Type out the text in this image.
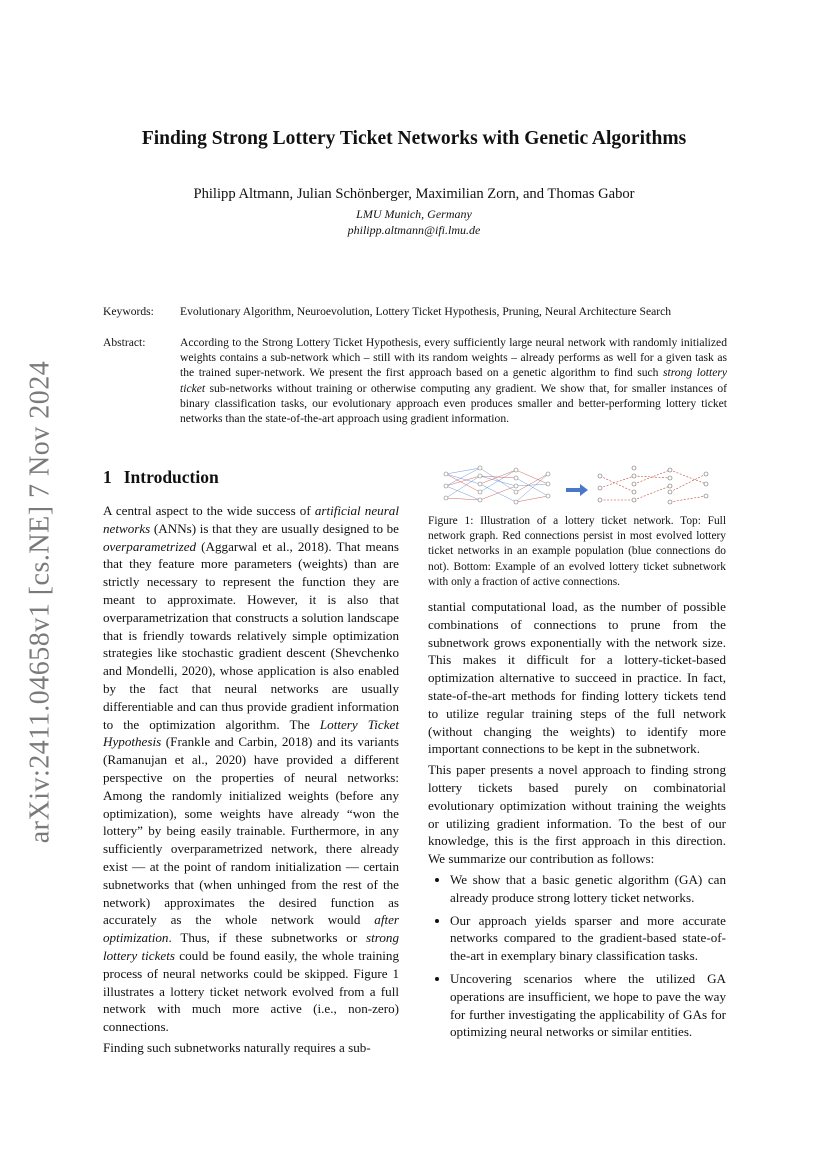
arXiv:2411.04658v1 [cs.NE] 7 Nov 2024
Finding Strong Lottery Ticket Networks with Genetic Algorithms
Philipp Altmann, Julian Schönberger, Maximilian Zorn, and Thomas Gabor
LMU Munich, Germany
philipp.altmann@ifi.lmu.de
Keywords:	Evolutionary Algorithm, Neuroevolution, Lottery Ticket Hypothesis, Pruning, Neural Architecture Search
Abstract:	According to the Strong Lottery Ticket Hypothesis, every sufficiently large neural network with randomly initialized weights contains a sub-network which – still with its random weights – already performs as well for a given task as the trained super-network. We present the first approach based on a genetic algorithm to find such strong lottery ticket sub-networks without training or otherwise computing any gradient. We show that, for smaller instances of binary classification tasks, our evolutionary approach even produces smaller and better-performing lottery ticket networks than the state-of-the-art approach using gradient information.
1 Introduction

A central aspect to the wide success of artificial neural networks (ANNs) is that they are usually designed to be overparametrized (Aggarwal et al., 2018). That means that they feature more parameters (weights) than are strictly necessary to represent the function they are meant to approximate. However, it is also that overparametrization that constructs a solution landscape that is friendly towards relatively simple optimization strategies like stochastic gradient descent (Shevchenko and Mondelli, 2020), whose application is also enabled by the fact that neural networks are usually differentiable and can thus provide gradient information to the optimization algorithm. The Lottery Ticket Hypothesis (Frankle and Carbin, 2018) and its variants (Ramanujan et al., 2020) have provided a different perspective on the properties of neural networks: Among the randomly initialized weights (before any optimization), some weights have already “won the lottery” by being easily trainable. Furthermore, in any sufficiently overparametrized network, there already exist — at the point of random initialization — certain subnetworks that (when unhinged from the rest of the network) approximates the desired function as accurately as the whole network would after optimization. Thus, if these subnetworks or strong lottery tickets could be found easily, the whole training process of neural networks could be skipped. Figure 1 illustrates a lottery ticket network evolved from a full network with much more active (i.e., non-zero) connections.

Finding such subnetworks naturally requires a sub-

Figure 1: Illustration of a lottery ticket network. Top: Full network graph. Red connections persist in most evolved lottery ticket networks in an example population (blue connections do not). Bottom: Example of an evolved lottery ticket subnetwork with only a fraction of active connections.

stantial computational load, as the number of possible combinations of connections to prune from the subnetwork grows exponentially with the network size. This makes it difficult for a lottery-ticket-based optimization alternative to succeed in practice. In fact, state-of-the-art methods for finding lottery tickets tend to utilize regular training steps of the full network (without changing the weights) to identify more important connections to be kept in the subnetwork.

This paper presents a novel approach to finding strong lottery tickets based purely on combinatorial evolutionary optimization without training the weights or utilizing gradient information. To the best of our knowledge, this is the first approach in this direction. We summarize our contribution as follows:

• We show that a basic genetic algorithm (GA) can already produce strong lottery ticket networks.
• Our approach yields sparser and more accurate networks compared to the gradient-based state-of-the-art in exemplary binary classification tasks.
• Uncovering scenarios where the utilized GA operations are insufficient, we hope to pave the way for further investigating the applicability of GAs for optimizing neural networks or similar entities.
